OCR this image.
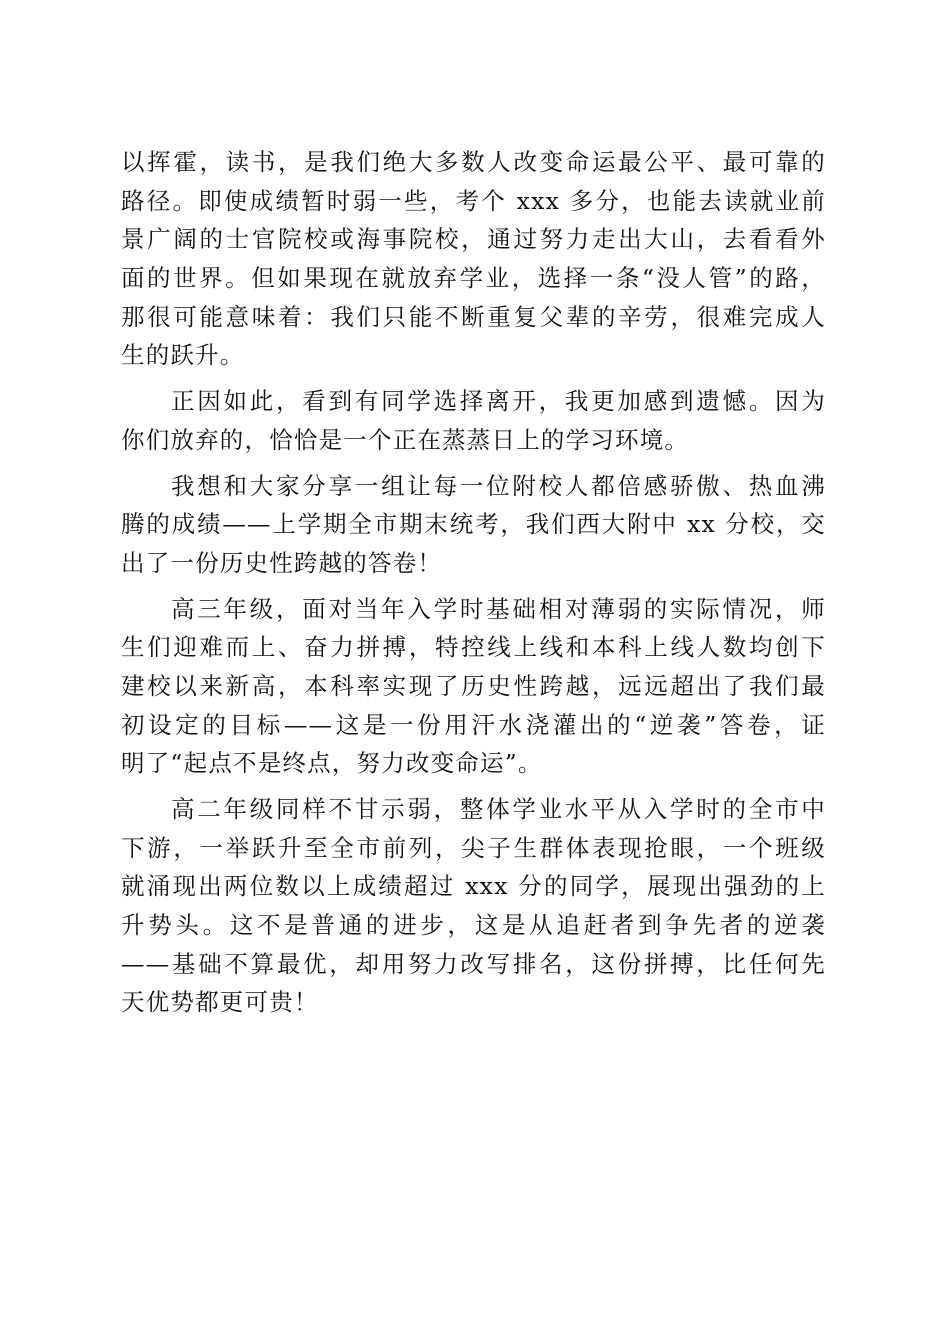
以挥霍，读书，是我们绝大多数人改变命运最公平、最可靠的
路径。即使成绩暂时弱一些，考个 xxx 多分，也能去读就业前
景广阔的士官院校或海事院校，通过努力走出大山，去看看外
面的世界。但如果现在就放弃学业，选择一条“没人管”的路，
那很可能意味着：我们只能不断重复父辈的辛劳，很难完成人
生的跃升。
正因如此，看到有同学选择离开，我更加感到遗憾。因为
你们放弃的，恰恰是一个正在蒸蒸日上的学习环境。
我想和大家分享一组让每一位附校人都倍感骄傲、热血沸
腾的成绩——上学期全市期末统考，我们西大附中 xx 分校，交
出了一份历史性跨越的答卷！
高三年级，面对当年入学时基础相对薄弱的实际情况，师
生们迎难而上、奋力拼搏，特控线上线和本科上线人数均创下
建校以来新高，本科率实现了历史性跨越，远远超出了我们最
初设定的目标——这是一份用汗水浇灌出的“逆袭”答卷，证
明了“起点不是终点，努力改变命运”。
高二年级同样不甘示弱，整体学业水平从入学时的全市中
下游，一举跃升至全市前列，尖子生群体表现抢眼，一个班级
就涌现出两位数以上成绩超过 xxx 分的同学，展现出强劲的上
升势头。这不是普通的进步，这是从追赶者到争先者的逆袭
——基础不算最优，却用努力改写排名，这份拼搏，比任何先
天优势都更可贵！
